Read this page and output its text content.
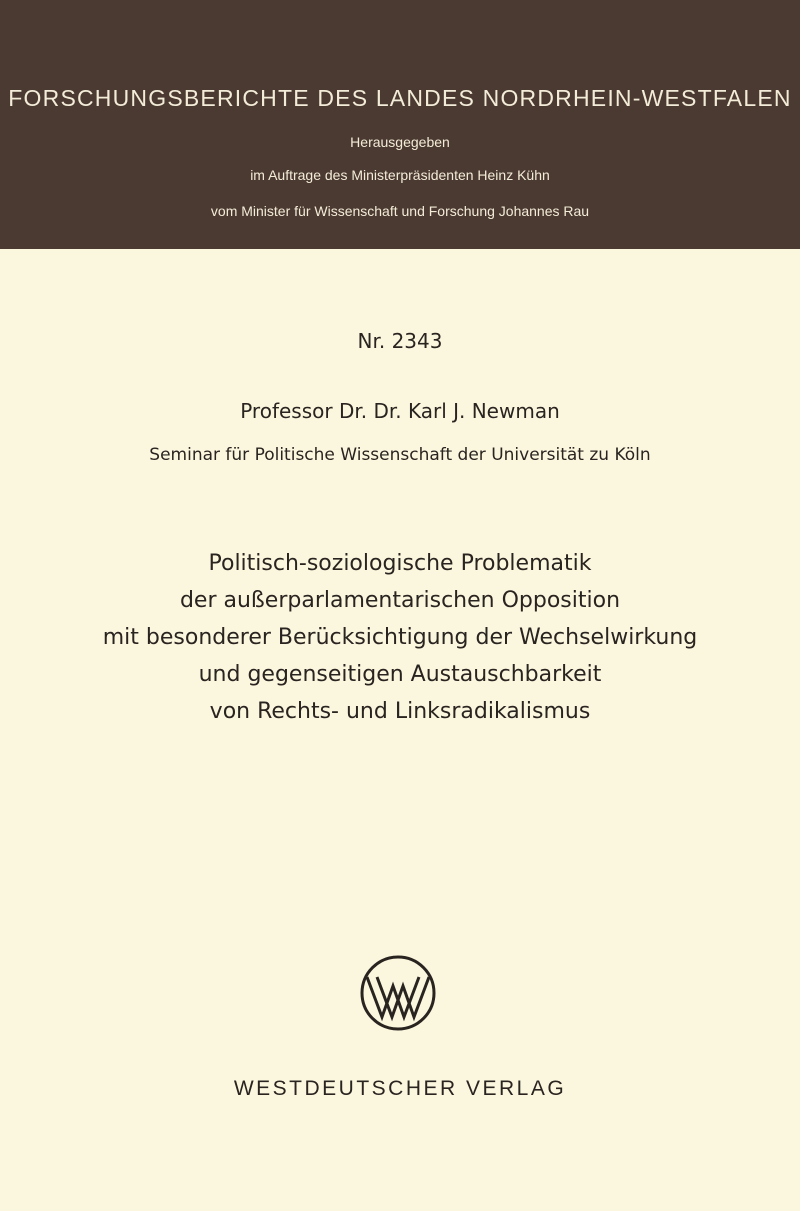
FORSCHUNGSBERICHTE DES LANDES NORDRHEIN-WESTFALEN
Herausgegeben
im Auftrage des Ministerpräsidenten Heinz Kühn
vom Minister für Wissenschaft und Forschung Johannes Rau
Nr. 2343
Professor Dr. Dr. Karl J. Newman
Seminar für Politische Wissenschaft der Universität zu Köln
Politisch-soziologische Problematik
der außerparlamentarischen Opposition
mit besonderer Berücksichtigung der Wechselwirkung
und gegenseitigen Austauschbarkeit
von Rechts- und Linksradikalismus
WESTDEUTSCHER VERLAG
